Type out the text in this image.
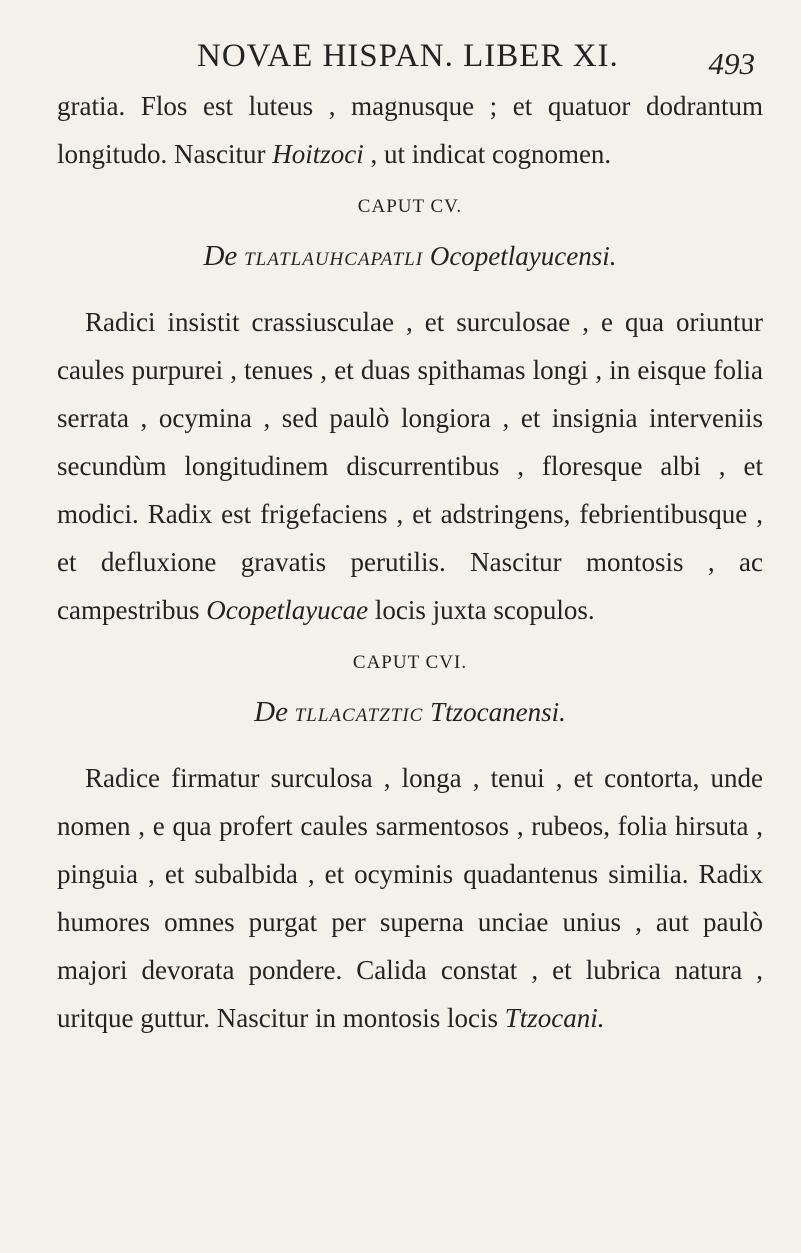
NOVAE HISPAN. LIBER XI.	493

gratia. Flos est luteus , magnusque ; et quatuor dodrantum longitudo. Nascitur Hoitzoci , ut indicat cognomen.

CAPUT CV.
De TLATLAUHCAPATLI Ocopetlayucensi.

Radici insistit crassiusculae , et surculosae , e qua oriuntur caules purpurei , tenues , et duas spithamas longi , in eisque folia serrata , ocymina , sed paulò longiora , et insignia interveniis secundùm longitudinem discurrentibus , floresque albi , et modici. Radix est frigefaciens , et adstringens, febrientibusque , et defluxione gravatis perutilis. Nascitur montosis , ac campestribus Ocopetlayucae locis juxta scopulos.

CAPUT CVI.
De TLLACATZTIC Ttzocanensi.

Radice firmatur surculosa , longa , tenui , et contorta, unde nomen , e qua profert caules sarmentosos , rubeos, folia hirsuta , pinguia , et subalbida , et ocyminis quadantenus similia. Radix humores omnes purgat per superna unciae unius , aut paulò majori devorata pondere. Calida constat , et lubrica natura , uritque guttur. Nascitur in montosis locis Ttzocani.
